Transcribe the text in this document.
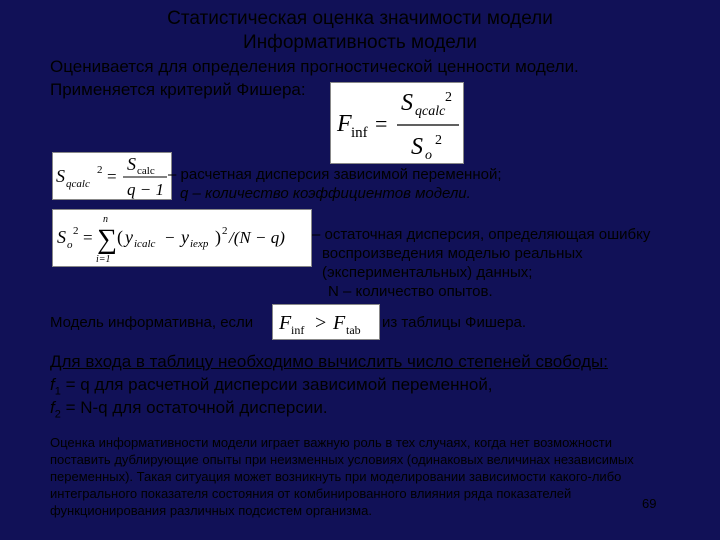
Статистическая оценка значимости модели
Информативность модели
Оценивается для определения прогностической ценности модели.
Применяется критерий Фишера:
F inf =
S qcalc
2
S o
2
S qcalc
2 =
S calc
q − 1
– расчетная дисперсия зависимой переменной;
q – количество коэффициентов модели.
S o
2 =
n
∑
i=1
( y icalc − y iexp ) 2 /(N − q) – остаточная дисперсия, определяющая ошибку
воспроизведения моделью реальных
(экспериментальных) данных;
N – количество опытов.
Модель информативна, если F inf > F tab из таблицы Фишера.
Для входа в таблицу необходимо вычислить число степеней свободы:
$f_1 = q$ для расчетной дисперсии зависимой переменной,
$f_2 = N-q$ для остаточной дисперсии.
Оценка информативности модели играет важную роль в тех случаях, когда нет возможности
поставить дублирующие опыты при неизменных условиях (одинаковых величинах независимых
переменных). Такая ситуация может возникнуть при моделировании зависимости какого-либо
интегрального показателя состояния от комбинированного влияния ряда показателей
функционирования различных подсистем организма.	69
